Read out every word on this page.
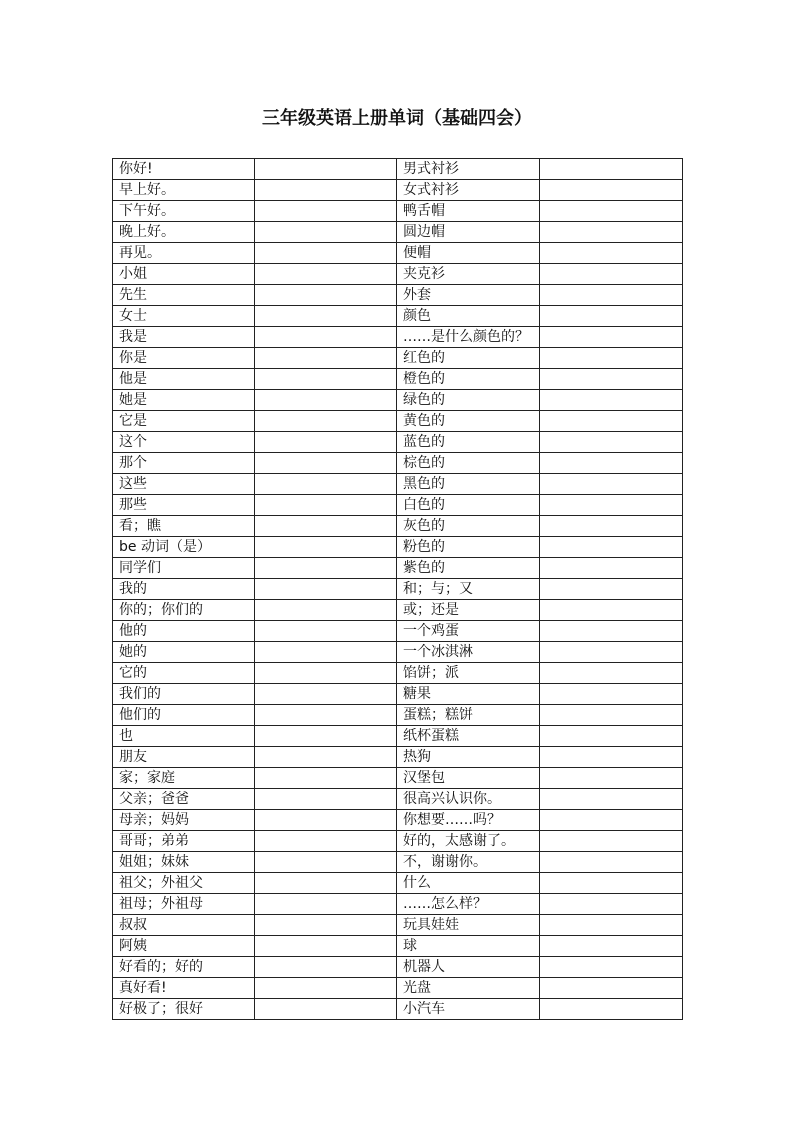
三年级英语上册单词（基础四会）
你好!		男式衬衫	
早上好。		女式衬衫	
下午好。		鸭舌帽	
晚上好。		圆边帽	
再见。		便帽	
小姐		夹克衫	
先生		外套	
女士		颜色	
我是		……是什么颜色的？	
你是		红色的	
他是		橙色的	
她是		绿色的	
它是		黄色的	
这个		蓝色的	
那个		棕色的	
这些		黑色的	
那些		白色的	
看；瞧		灰色的	
be 动词（是）		粉色的	
同学们		紫色的	
我的		和；与；又	
你的；你们的		或；还是	
他的		一个鸡蛋	
她的		一个冰淇淋	
它的		馅饼；派	
我们的		糖果	
他们的		蛋糕；糕饼	
也		纸杯蛋糕	
朋友		热狗	
家；家庭		汉堡包	
父亲；爸爸		很高兴认识你。	
母亲；妈妈		你想要……吗？	
哥哥；弟弟		好的，太感谢了。	
姐姐；妹妹		不，谢谢你。	
祖父；外祖父		什么	
祖母；外祖母		……怎么样？	
叔叔		玩具娃娃	
阿姨		球	
好看的；好的		机器人	
真好看!		光盘	
好极了；很好		小汽车	
